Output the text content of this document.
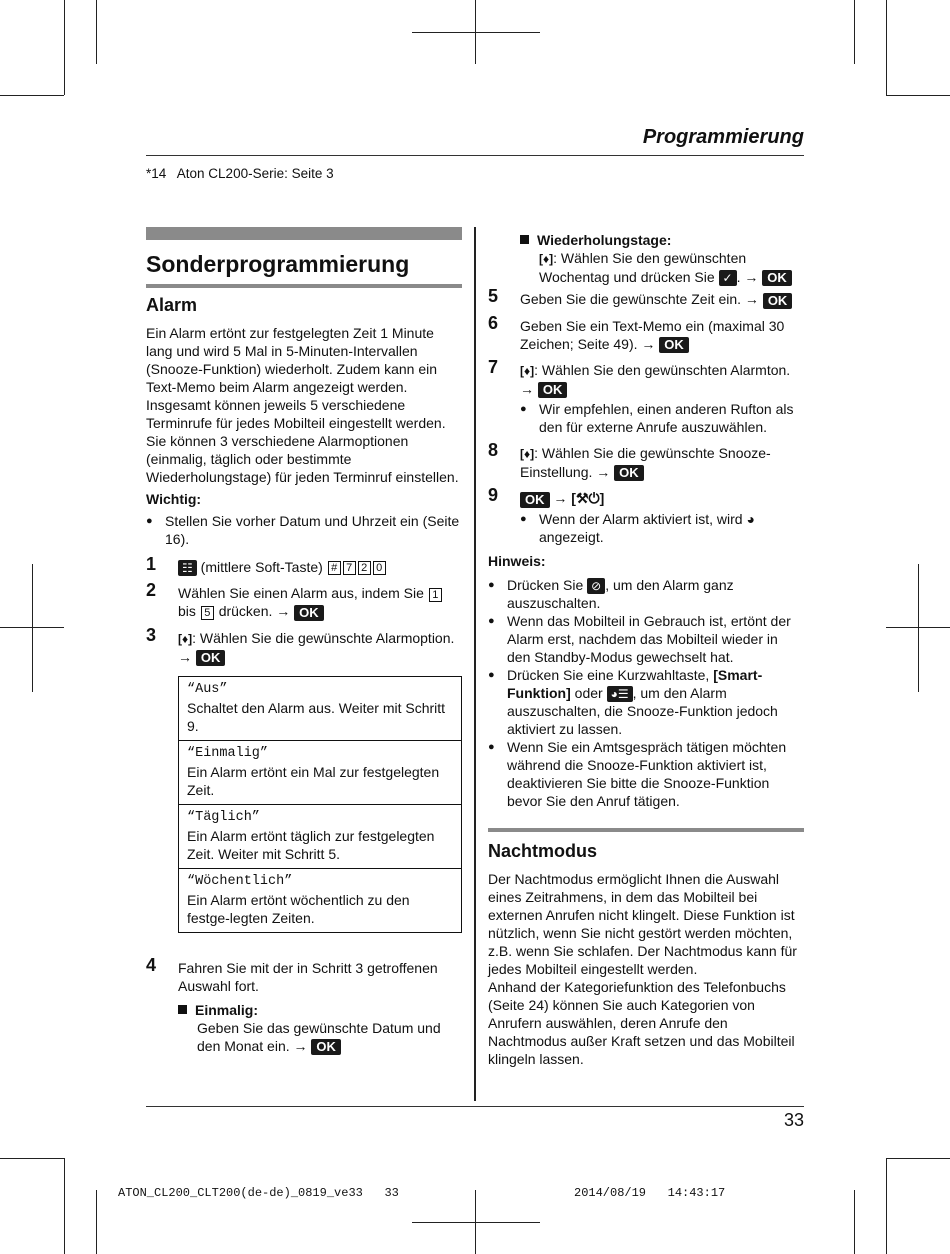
Programmierung
*14   Aton CL200-Serie: Seite 3
Sonderprogrammierung
Alarm

Ein Alarm ertönt zur festgelegten Zeit 1 Minute lang und wird 5 Mal in 5-Minuten-Intervallen (Snooze-Funktion) wiederholt. Zudem kann ein Text-Memo beim Alarm angezeigt werden. Insgesamt können jeweils 5 verschiedene Terminrufe für jedes Mobilteil eingestellt werden. Sie können 3 verschiedene Alarmoptionen (einmalig, täglich oder bestimmte Wiederholungstage) für jeden Terminruf einstellen.

Wichtig:

● Stellen Sie vorher Datum und Uhrzeit ein (Seite 16).

1 ☷ (mittlere Soft-Taste) # 7 2 0
2 Wählen Sie einen Alarm aus, indem Sie 1 bis 5 drücken. → OK
3 [♦]: Wählen Sie die gewünschte Alarmoption.
→ OK
“Aus”
Schaltet den Alarm aus. Weiter mit Schritt 9.
“Einmalig”
Ein Alarm ertönt ein Mal zur festgelegten Zeit.
“Täglich”
Ein Alarm ertönt täglich zur festgelegten Zeit. Weiter mit Schritt 5.
“Wöchentlich”
Ein Alarm ertönt wöchentlich zu den festge-legten Zeiten.
4 Fahren Sie mit der in Schritt 3 getroffenen Auswahl fort.

Einmalig:

Geben Sie das gewünschte Datum und den Monat ein. → OK

Wiederholungstage:

[♦]: Wählen Sie den gewünschten Wochentag und drücken Sie ✓ . → OK

5 Geben Sie die gewünschte Zeit ein. → OK
6 Geben Sie ein Text-Memo ein (maximal 30 Zeichen; Seite 49). → OK
7 [♦]: Wählen Sie den gewünschten Alarmton.
→ OK

● Wir empfehlen, einen anderen Rufton als den für externe Anrufe auszuwählen.

8 [♦]: Wählen Sie die gewünschte Snooze-Einstellung. → OK
9 OK → [⚒⏻]

● Wenn der Alarm aktiviert ist, wird ◕ angezeigt.

Hinweis:

● Drücken Sie ⊘ , um den Alarm ganz auszuschalten.

● Wenn das Mobilteil in Gebrauch ist, ertönt der Alarm erst, nachdem das Mobilteil wieder in den Standby-Modus gewechselt hat.

● Drücken Sie eine Kurzwahltaste, [Smart-Funktion] oder ◕☰ , um den Alarm auszuschalten, die Snooze-Funktion jedoch aktiviert zu lassen.

● Wenn Sie ein Amtsgespräch tätigen möchten während die Snooze-Funktion aktiviert ist, deaktivieren Sie bitte die Snooze-Funktion bevor Sie den Anruf tätigen.

Nachtmodus

Der Nachtmodus ermöglicht Ihnen die Auswahl eines Zeitrahmens, in dem das Mobilteil bei externen Anrufen nicht klingelt. Diese Funktion ist nützlich, wenn Sie nicht gestört werden möchten, z.B. wenn Sie schlafen. Der Nachtmodus kann für jedes Mobilteil eingestellt werden.

Anhand der Kategoriefunktion des Telefonbuchs (Seite 24) können Sie auch Kategorien von Anrufern auswählen, deren Anrufe den Nachtmodus außer Kraft setzen und das Mobilteil klingeln lassen.

33
ATON_CL200_CLT200(de-de)_0819_ve33   33	2014/08/19   14:43:17
